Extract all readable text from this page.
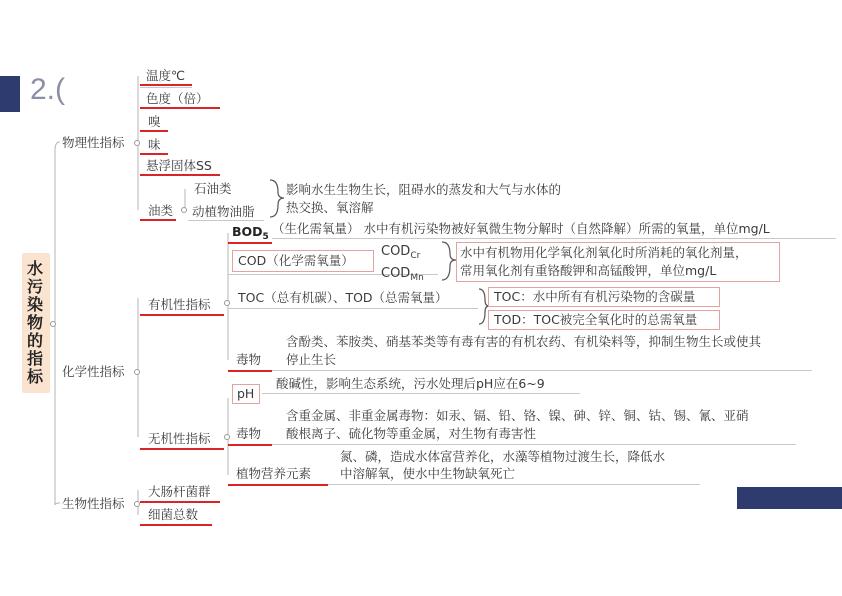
2.(
水
污
染
物
的
指
标
物理性指标
温度℃
色度（倍）
嗅
味
悬浮固体SS
油类
石油类
动植物油脂
影响水生生物生长，阻碍水的蒸发和大气与水体的
热交换、氧溶解
化学性指标
有机性指标
$BOD_5$
（生化需氧量） 水中有机污染物被好氧微生物分解时（自然降解）所需的氧量，单位mg/L
COD（化学需氧量）
$COD_{Cr}$
$COD_{Mn}$
水中有机物用化学氧化剂氧化时所消耗的氧化剂量，
常用氧化剂有重铬酸钾和高锰酸钾，单位mg/L
TOC（总有机碳）、TOD（总需氧量）	TOC：水中所有有机污染物的含碳量
TOD：TOC被完全氧化时的总需氧量
毒物
含酚类、苯胺类、硝基苯类等有毒有害的有机农药、有机染料等，抑制生物生长或使其
停止生长
pH
酸碱性，影响生态系统，污水处理后pH应在6~9
无机性指标 毒物
含重金属、非重金属毒物：如汞、镉、铅、铬、镍、砷、锌、铜、钴、锡、氰、亚硝
酸根离子、硫化物等重金属，对生物有毒害性
植物营养元素
氮、磷，造成水体富营养化，水藻等植物过渡生长，降低水
中溶解氧，使水中生物缺氧死亡
生物性指标
大肠杆菌群
细菌总数
